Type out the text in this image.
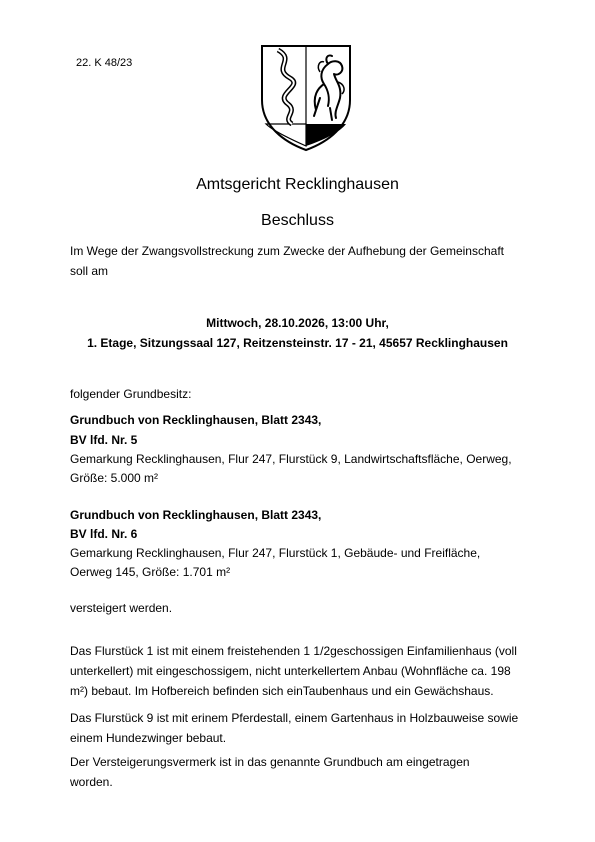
22. K 48/23
Amtsgericht Recklinghausen
Beschluss
Im Wege der Zwangsvollstreckung zum Zwecke der Aufhebung der Gemeinschaft
soll am
Mittwoch, 28.10.2026, 13:00 Uhr,
1. Etage, Sitzungssaal 127, Reitzensteinstr. 17 - 21, 45657 Recklinghausen
folgender Grundbesitz:
Grundbuch von Recklinghausen, Blatt 2343,
BV lfd. Nr. 5
Gemarkung Recklinghausen, Flur 247, Flurstück 9, Landwirtschaftsfläche, Oerweg,
Größe: 5.000 m²
Grundbuch von Recklinghausen, Blatt 2343,
BV lfd. Nr. 6
Gemarkung Recklinghausen, Flur 247, Flurstück 1, Gebäude- und Freifläche,
Oerweg 145, Größe: 1.701 m²
versteigert werden.
Das Flurstück 1 ist mit einem freistehenden 1 1/2geschossigen Einfamilienhaus (voll
unterkellert) mit eingeschossigem, nicht unterkellertem Anbau (Wohnfläche ca. 198
m²) bebaut. Im Hofbereich befinden sich einTaubenhaus und ein Gewächshaus.
Das Flurstück 9 ist mit erinem Pferdestall, einem Gartenhaus in Holzbauweise sowie
einem Hundezwinger bebaut.
Der Versteigerungsvermerk ist in das genannte Grundbuch am eingetragen
worden.
